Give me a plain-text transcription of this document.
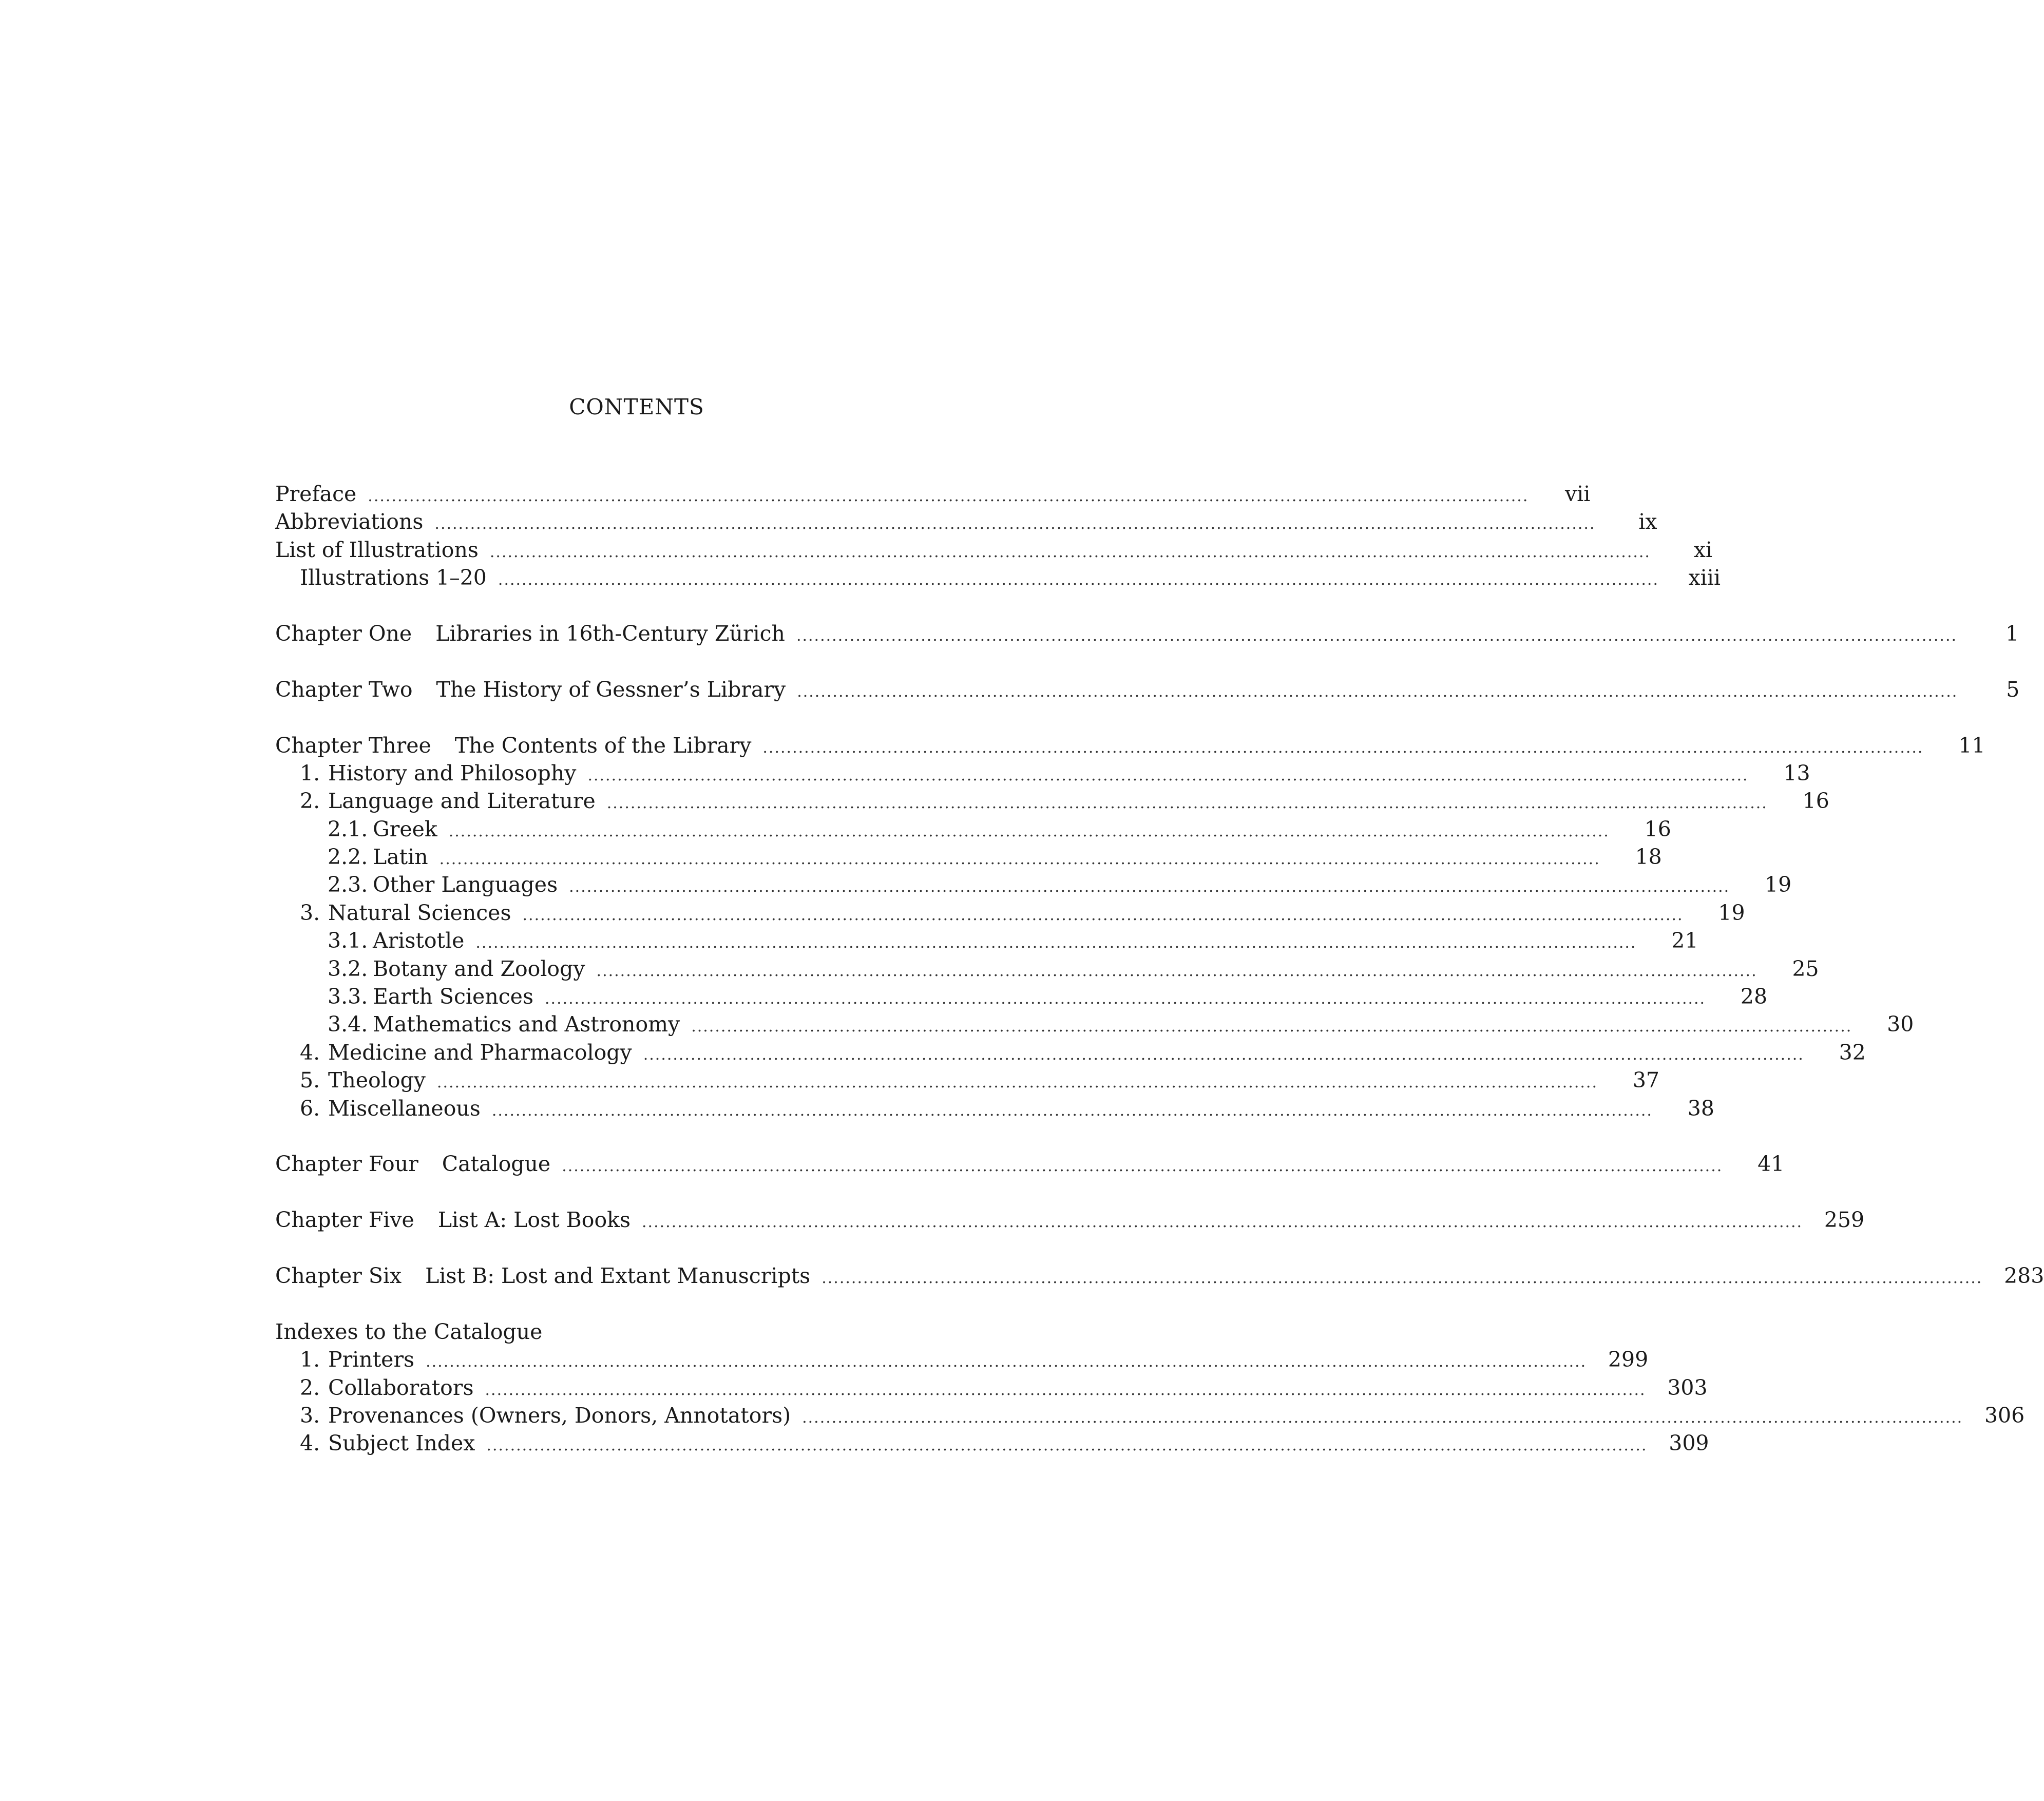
CONTENTS
Preface ....................................................................................................................................................................................................	vii
Abbreviations ....................................................................................................................................................................................................	ix
List of Illustrations ....................................................................................................................................................................................................	xi
Illustrations 1–20 ....................................................................................................................................................................................................	xiii
Chapter One Libraries in 16th-Century Zürich ....................................................................................................................................................................................................	1
Chapter Two The History of Gessner’s Library ....................................................................................................................................................................................................	5
Chapter Three The Contents of the Library ....................................................................................................................................................................................................	11
1. History and Philosophy ....................................................................................................................................................................................................	13
2. Language and Literature ....................................................................................................................................................................................................	16
2.1. Greek ....................................................................................................................................................................................................	16
2.2. Latin ....................................................................................................................................................................................................	18
2.3. Other Languages ....................................................................................................................................................................................................	19
3. Natural Sciences ....................................................................................................................................................................................................	19
3.1. Aristotle ....................................................................................................................................................................................................	21
3.2. Botany and Zoology ....................................................................................................................................................................................................	25
3.3. Earth Sciences ....................................................................................................................................................................................................	28
3.4. Mathematics and Astronomy ....................................................................................................................................................................................................	30
4. Medicine and Pharmacology ....................................................................................................................................................................................................	32
5. Theology ....................................................................................................................................................................................................	37
6. Miscellaneous ....................................................................................................................................................................................................	38
Chapter Four Catalogue ....................................................................................................................................................................................................	41
Chapter Five List A: Lost Books ....................................................................................................................................................................................................	259
Chapter Six List B: Lost and Extant Manuscripts ....................................................................................................................................................................................................	283
Indexes to the Catalogue
1. Printers ....................................................................................................................................................................................................	299
2. Collaborators ....................................................................................................................................................................................................	303
3. Provenances (Owners, Donors, Annotators) ....................................................................................................................................................................................................	306
4. Subject Index ....................................................................................................................................................................................................	309
